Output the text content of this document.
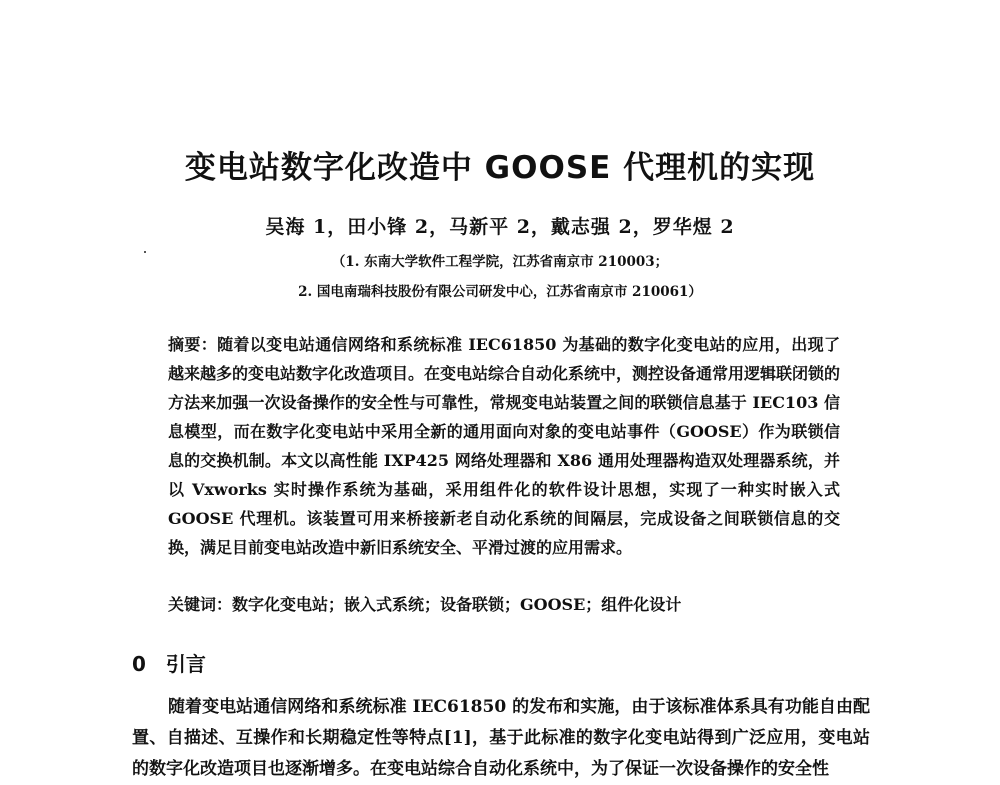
变电站数字化改造中 GOOSE 代理机的实现
吴海 1，田小锋 2，马新平 2，戴志强 2，罗华煜 2
（1. 东南大学软件工程学院，江苏省南京市 210003；
2. 国电南瑞科技股份有限公司研发中心，江苏省南京市 210061）

摘要：随着以变电站通信网络和系统标准 IEC61850 为基础的数字化变电站的应用，出现了越来越多的变电站数字化改造项目。在变电站综合自动化系统中，测控设备通常用逻辑联闭锁的方法来加强一次设备操作的安全性与可靠性，常规变电站装置之间的联锁信息基于 IEC103 信息模型，而在数字化变电站中采用全新的通用面向对象的变电站事件（GOOSE）作为联锁信息的交换机制。本文以高性能 IXP425 网络处理器和 X86 通用处理器构造双处理器系统，并以 Vxworks 实时操作系统为基础，采用组件化的软件设计思想，实现了一种实时嵌入式 GOOSE 代理机。该装置可用来桥接新老自动化系统的间隔层，完成设备之间联锁信息的交换，满足目前变电站改造中新旧系统安全、平滑过渡的应用需求。

关键词：数字化变电站；嵌入式系统；设备联锁；GOOSE；组件化设计
0 引言

随着变电站通信网络和系统标准 IEC61850 的发布和实施，由于该标准体系具有功能自由配置、自描述、互操作和长期稳定性等特点[1]，基于此标准的数字化变电站得到广泛应用，变电站的数字化改造项目也逐渐增多。在变电站综合自动化系统中，为了保证一次设备操作的安全性
